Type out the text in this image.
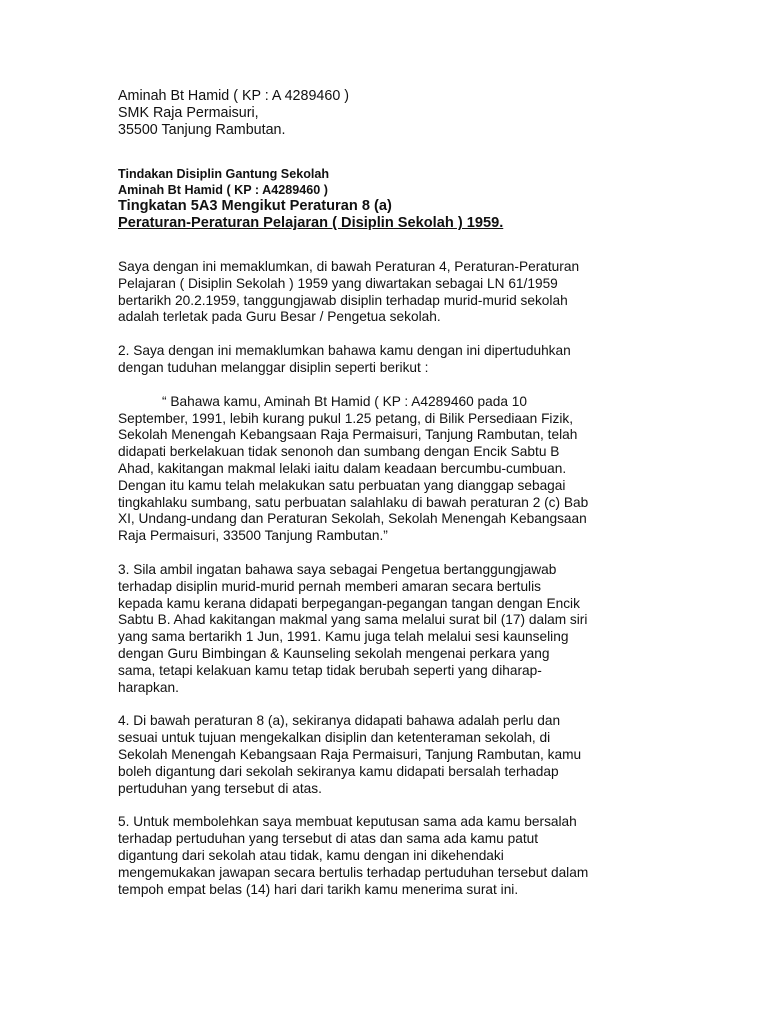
Aminah Bt Hamid ( KP : A 4289460 )
SMK Raja Permaisuri,
35500 Tanjung Rambutan.
Tindakan Disiplin Gantung Sekolah
Aminah Bt Hamid ( KP : A4289460 )
Tingkatan 5A3 Mengikut Peraturan 8 (a)
Peraturan-Peraturan Pelajaran ( Disiplin Sekolah ) 1959.
Saya dengan ini memaklumkan, di bawah Peraturan 4, Peraturan-Peraturan
Pelajaran ( Disiplin Sekolah ) 1959 yang diwartakan sebagai LN 61/1959
bertarikh 20.2.1959, tanggungjawab disiplin terhadap murid-murid sekolah
adalah terletak pada Guru Besar / Pengetua sekolah.
2. Saya dengan ini memaklumkan bahawa kamu dengan ini dipertuduhkan
dengan tuduhan melanggar disiplin seperti berikut :
“ Bahawa kamu, Aminah Bt Hamid ( KP : A4289460 pada 10
September, 1991, lebih kurang pukul 1.25 petang, di Bilik Persediaan Fizik,
Sekolah Menengah Kebangsaan Raja Permaisuri, Tanjung Rambutan, telah
didapati berkelakuan tidak senonoh dan sumbang dengan Encik Sabtu B
Ahad, kakitangan makmal lelaki iaitu dalam keadaan bercumbu-cumbuan.
Dengan itu kamu telah melakukan satu perbuatan yang dianggap sebagai
tingkahlaku sumbang, satu perbuatan salahlaku di bawah peraturan 2 (c) Bab
XI, Undang-undang dan Peraturan Sekolah, Sekolah Menengah Kebangsaan
Raja Permaisuri, 33500 Tanjung Rambutan.”
3. Sila ambil ingatan bahawa saya sebagai Pengetua bertanggungjawab
terhadap disiplin murid-murid pernah memberi amaran secara bertulis
kepada kamu kerana didapati berpegangan-pegangan tangan dengan Encik
Sabtu B. Ahad kakitangan makmal yang sama melalui surat bil (17) dalam siri
yang sama bertarikh 1 Jun, 1991. Kamu juga telah melalui sesi kaunseling
dengan Guru Bimbingan & Kaunseling sekolah mengenai perkara yang
sama, tetapi kelakuan kamu tetap tidak berubah seperti yang diharap-
harapkan.
4. Di bawah peraturan 8 (a), sekiranya didapati bahawa adalah perlu dan
sesuai untuk tujuan mengekalkan disiplin dan ketenteraman sekolah, di
Sekolah Menengah Kebangsaan Raja Permaisuri, Tanjung Rambutan, kamu
boleh digantung dari sekolah sekiranya kamu didapati bersalah terhadap
pertuduhan yang tersebut di atas.
5. Untuk membolehkan saya membuat keputusan sama ada kamu bersalah
terhadap pertuduhan yang tersebut di atas dan sama ada kamu patut
digantung dari sekolah atau tidak, kamu dengan ini dikehendaki
mengemukakan jawapan secara bertulis terhadap pertuduhan tersebut dalam
tempoh empat belas (14) hari dari tarikh kamu menerima surat ini.
